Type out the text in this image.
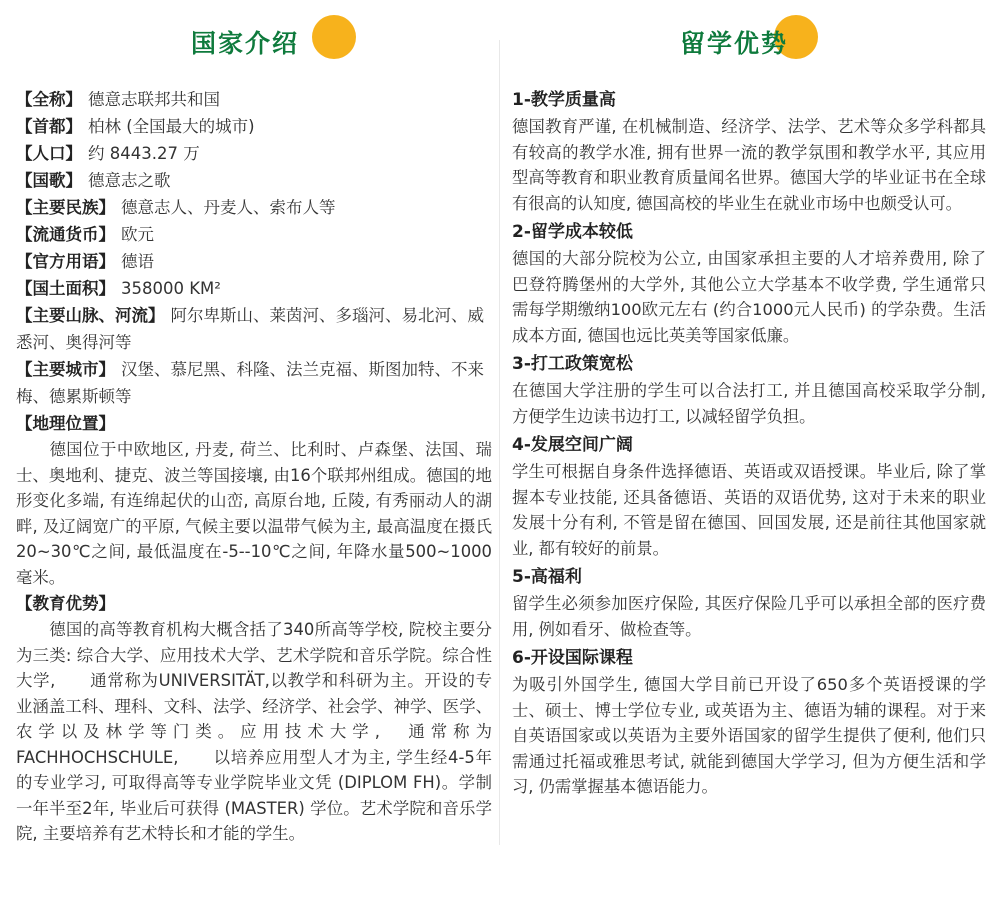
国家介绍
【全称】 德意志联邦共和国
【首都】 柏林 (全国最大的城市)
【人口】 约 8443.27 万
【国歌】 德意志之歌
【主要民族】 德意志人、丹麦人、索布人等
【流通货币】 欧元
【官方用语】 德语
【国土面积】 358000 KM²
【主要山脉、河流】 阿尔卑斯山、莱茵河、多瑙河、易北河、威悉河、奥得河等
【主要城市】 汉堡、慕尼黑、科隆、法兰克福、斯图加特、不来梅、德累斯顿等
【地理位置】
德国位于中欧地区, 丹麦, 荷兰、比利时、卢森堡、法国、瑞士、奥地利、捷克、波兰等国接壤, 由16个联邦州组成。德国的地形变化多端, 有连绵起伏的山峦, 高原台地, 丘陵, 有秀丽动人的湖畔, 及辽阔宽广的平原, 气候主要以温带气候为主, 最高温度在摄氏20~30℃之间, 最低温度在-5--10℃之间, 年降水量500~1000毫米。
【教育优势】
德国的高等教育机构大概含括了340所高等学校, 院校主要分为三类: 综合大学、应用技术大学、艺术学院和音乐学院。综合性大学,　　通常称为UNIVERSITÄT,以教学和科研为主。开设的专业涵盖工科、理科、文科、法学、经济学、社会学、神学、医学、农学以及林学等门类。应用技术大学,　通常称为FACHHOCHSCHULE,　　以培养应用型人才为主, 学生经4-5年的专业学习, 可取得高等专业学院毕业文凭 (DIPLOM FH)。学制一年半至2年, 毕业后可获得 (MASTER) 学位。艺术学院和音乐学院, 主要培养有艺术特长和才能的学生。
留学优势
1-教学质量高
德国教育严谨, 在机械制造、经济学、法学、艺术等众多学科都具有较高的教学水准, 拥有世界一流的教学氛围和教学水平, 其应用型高等教育和职业教育质量闻名世界。德国大学的毕业证书在全球有很高的认知度, 德国高校的毕业生在就业市场中也颇受认可。
2-留学成本较低
德国的大部分院校为公立, 由国家承担主要的人才培养费用, 除了巴登符腾堡州的大学外, 其他公立大学基本不收学费, 学生通常只需每学期缴纳100欧元左右 (约合1000元人民币) 的学杂费。生活成本方面, 德国也远比英美等国家低廉。
3-打工政策宽松
在德国大学注册的学生可以合法打工, 并且德国高校采取学分制, 方便学生边读书边打工, 以减轻留学负担。
4-发展空间广阔
学生可根据自身条件选择德语、英语或双语授课。毕业后, 除了掌握本专业技能, 还具备德语、英语的双语优势, 这对于未来的职业发展十分有利, 不管是留在德国、回国发展, 还是前往其他国家就业, 都有较好的前景。
5-高福利
留学生必须参加医疗保险, 其医疗保险几乎可以承担全部的医疗费用, 例如看牙、做检查等。
6-开设国际课程
为吸引外国学生, 德国大学目前已开设了650多个英语授课的学士、硕士、博士学位专业, 或英语为主、德语为辅的课程。对于来自英语国家或以英语为主要外语国家的留学生提供了便利, 他们只需通过托福或雅思考试, 就能到德国大学学习, 但为方便生活和学习, 仍需掌握基本德语能力。
